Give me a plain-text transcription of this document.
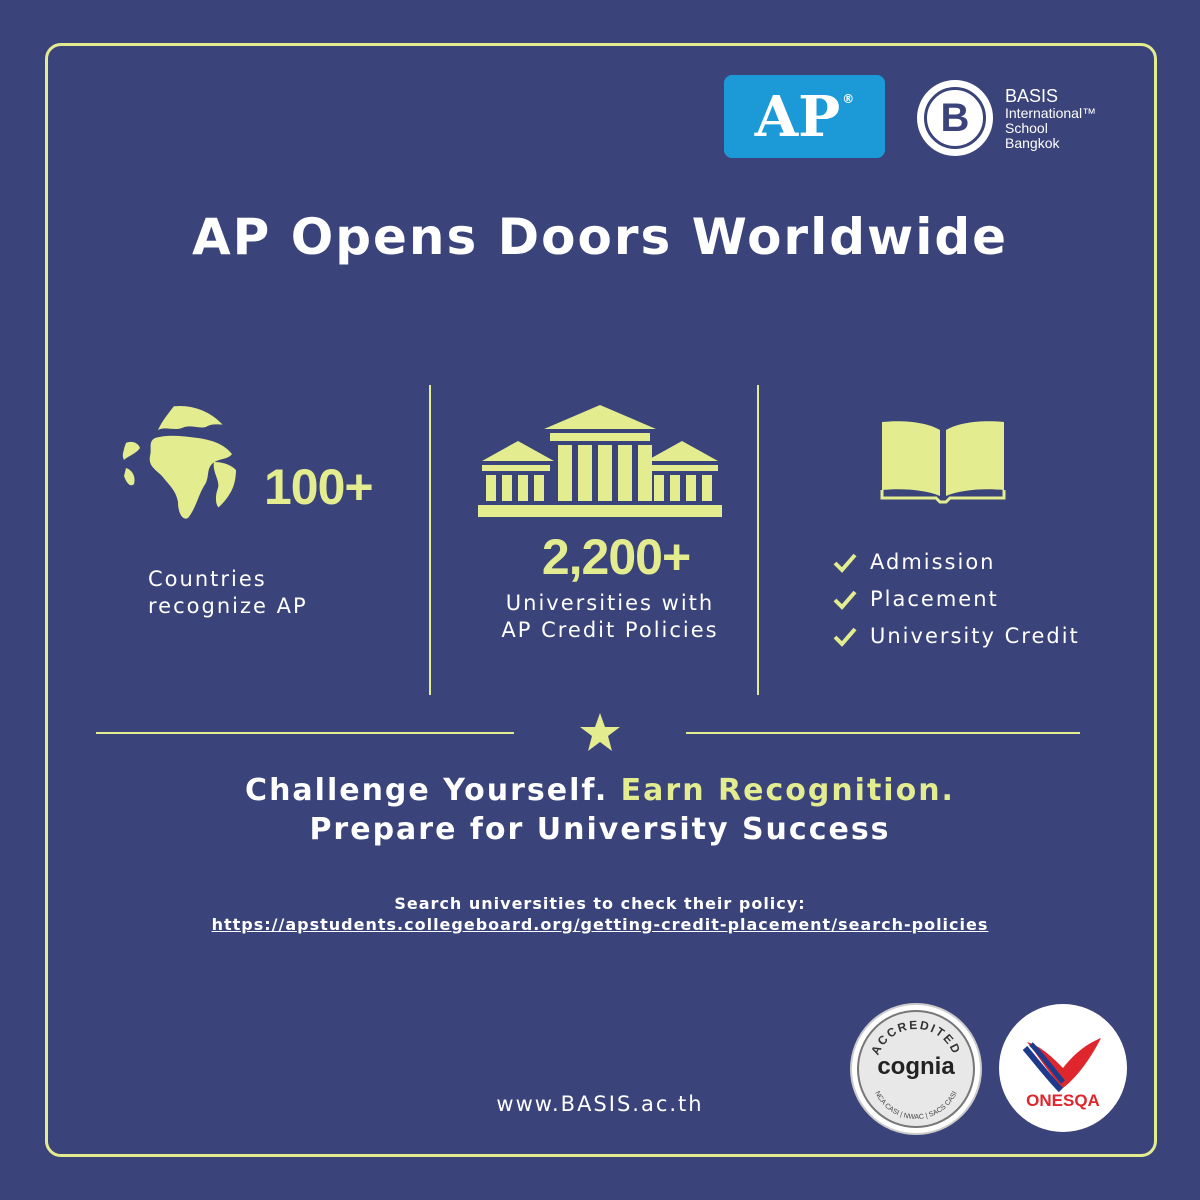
AP® B BASIS
International™
School
Bangkok
AP Opens Doors Worldwide
100+
Countries
recognize AP
2,200+
Universities with
AP Credit Policies
Admission
Placement
University Credit
Challenge Yourself. Earn Recognition.
Prepare for University Success
Search universities to check their policy:
https://apstudents.collegeboard.org/getting-credit-placement/search-policies
www.BASIS.ac.th
ACCREDITED
cognia
NCA CASI | NWAC | SACS CASI	ONESQA
